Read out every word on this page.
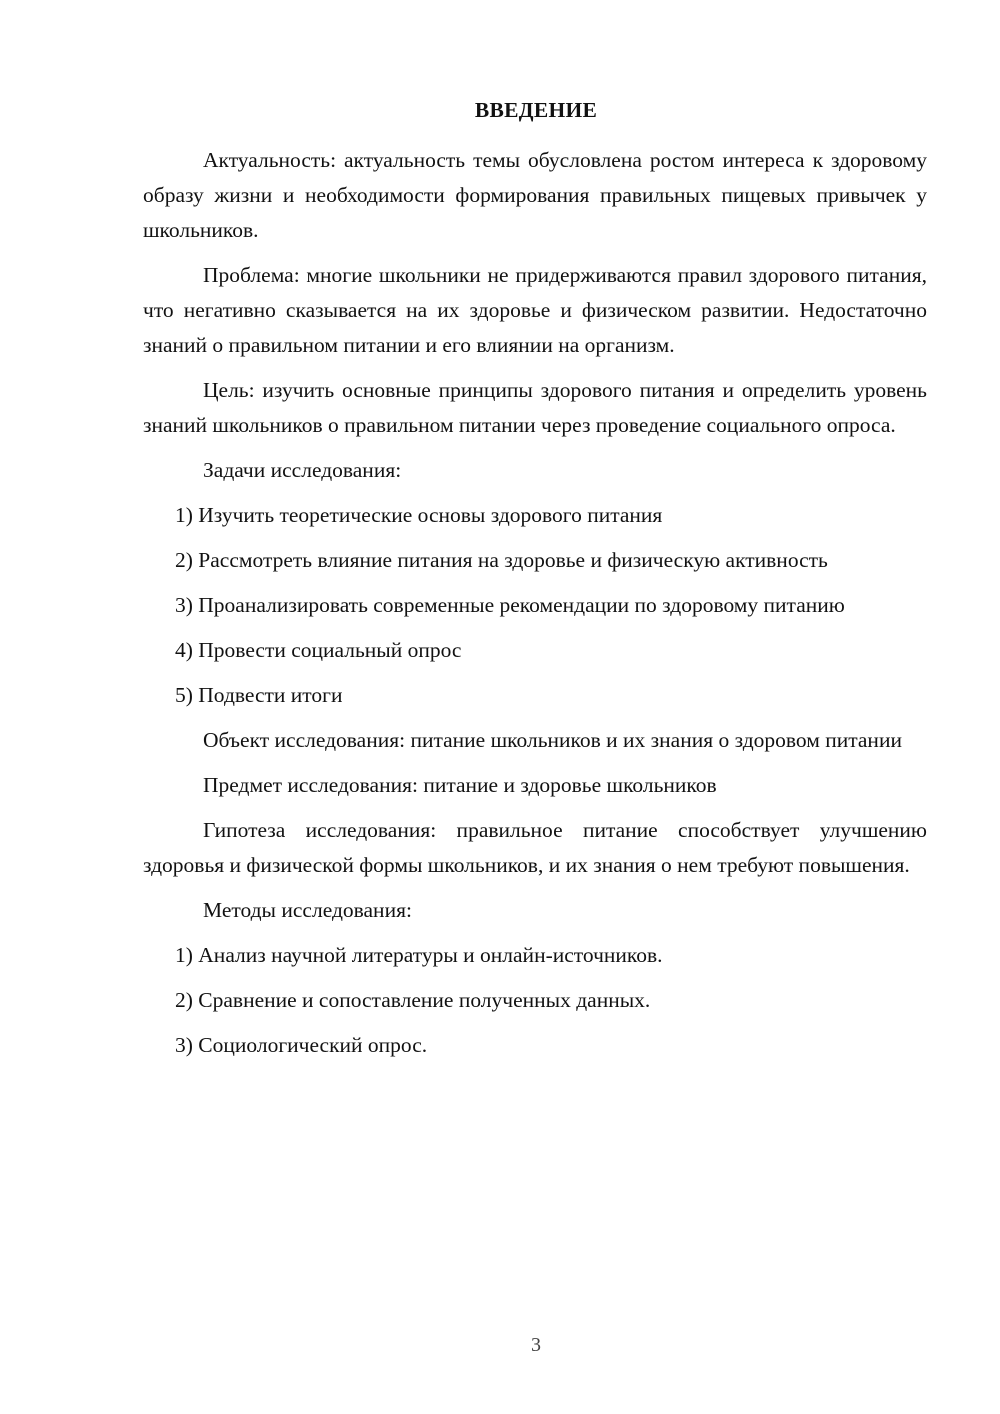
ВВЕДЕНИЕ

Актуальность: актуальность темы обусловлена ростом интереса к здоровому образу жизни и необходимости формирования правильных пищевых привычек у школьников.

Проблема: многие школьники не придерживаются правил здорового питания, что негативно сказывается на их здоровье и физическом развитии. Недостаточно знаний о правильном питании и его влиянии на организм.

Цель: изучить основные принципы здорового питания и определить уровень знаний школьников о правильном питании через проведение социального опроса.

Задачи исследования:

1) Изучить теоретические основы здорового питания

2) Рассмотреть влияние питания на здоровье и физическую активность

3) Проанализировать современные рекомендации по здоровому питанию

4) Провести социальный опрос

5) Подвести итоги

Объект исследования: питание школьников и их знания о здоровом питании

Предмет исследования: питание и здоровье школьников

Гипотеза исследования: правильное питание способствует улучшению здоровья и физической формы школьников, и их знания о нем требуют повышения.

Методы исследования:

1) Анализ научной литературы и онлайн-источников.

2) Сравнение и сопоставление полученных данных.

3) Социологический опрос.

3
